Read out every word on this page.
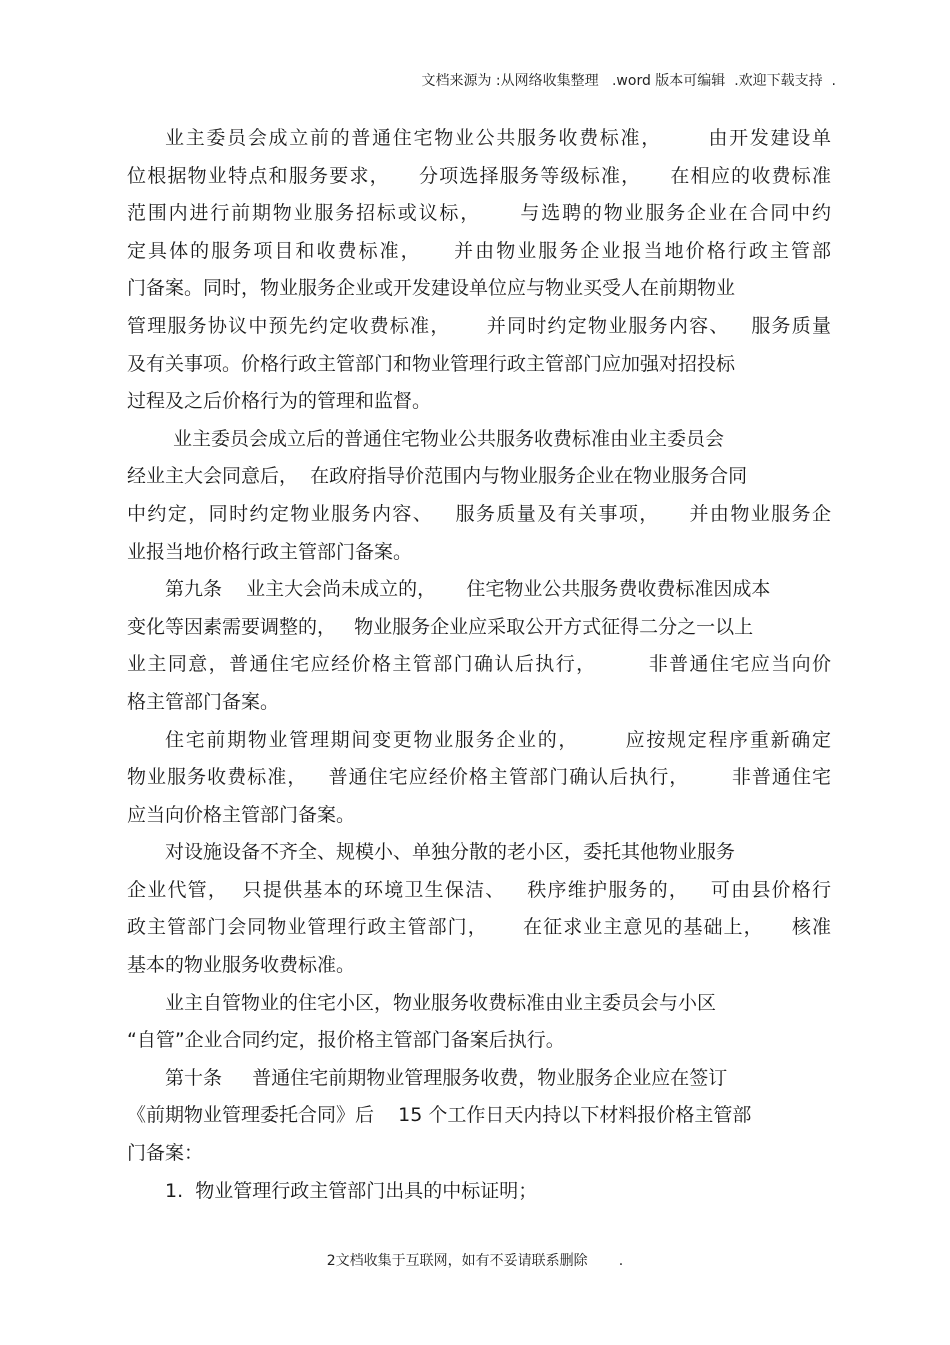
文档来源为 :从网络收集整理   .word 版本可编辑  .欢迎下载支持  .
业主委员会成立前的普通住宅物业公共服务收费标准，      由开发建设单
位根据物业特点和服务要求，    分项选择服务等级标准，    在相应的收费标准
范围内进行前期物业服务招标或议标，     与选聘的物业服务企业在合同中约
定具体的服务项目和收费标准，    并由物业服务企业报当地价格行政主管部
门备案。同时，物业服务企业或开发建设单位应与物业买受人在前期物业
管理服务协议中预先约定收费标准，     并同时约定物业服务内容、   服务质量
及有关事项。价格行政主管部门和物业管理行政主管部门应加强对招投标
过程及之后价格行为的管理和监督。
业主委员会成立后的普通住宅物业公共服务收费标准由业主委员会
经业主大会同意后，  在政府指导价范围内与物业服务企业在物业服务合同
中约定，同时约定物业服务内容、   服务质量及有关事项，    并由物业服务企
业报当地价格行政主管部门备案。
第九条    业主大会尚未成立的，     住宅物业公共服务费收费标准因成本
变化等因素需要调整的，   物业服务企业应采取公开方式征得二分之一以上
业主同意，普通住宅应经价格主管部门确认后执行，       非普通住宅应当向价
格主管部门备案。
住宅前期物业管理期间变更物业服务企业的，      应按规定程序重新确定
物业服务收费标准，   普通住宅应经价格主管部门确认后执行，      非普通住宅
应当向价格主管部门备案。
对设施设备不齐全、规模小、单独分散的老小区，委托其他物业服务
企业代管，  只提供基本的环境卫生保洁、   秩序维护服务的，   可由县价格行
政主管部门会同物业管理行政主管部门，     在征求业主意见的基础上，    核准
基本的物业服务收费标准。
业主自管物业的住宅小区，物业服务收费标准由业主委员会与小区
“自管”企业合同约定，报价格主管部门备案后执行。
第十条     普通住宅前期物业管理服务收费，物业服务企业应在签订
《前期物业管理委托合同》后    15 个工作日天内持以下材料报价格主管部
门备案：
1.  物业管理行政主管部门出具的中标证明；
2文档收集于互联网，如有不妥请联系删除       .
